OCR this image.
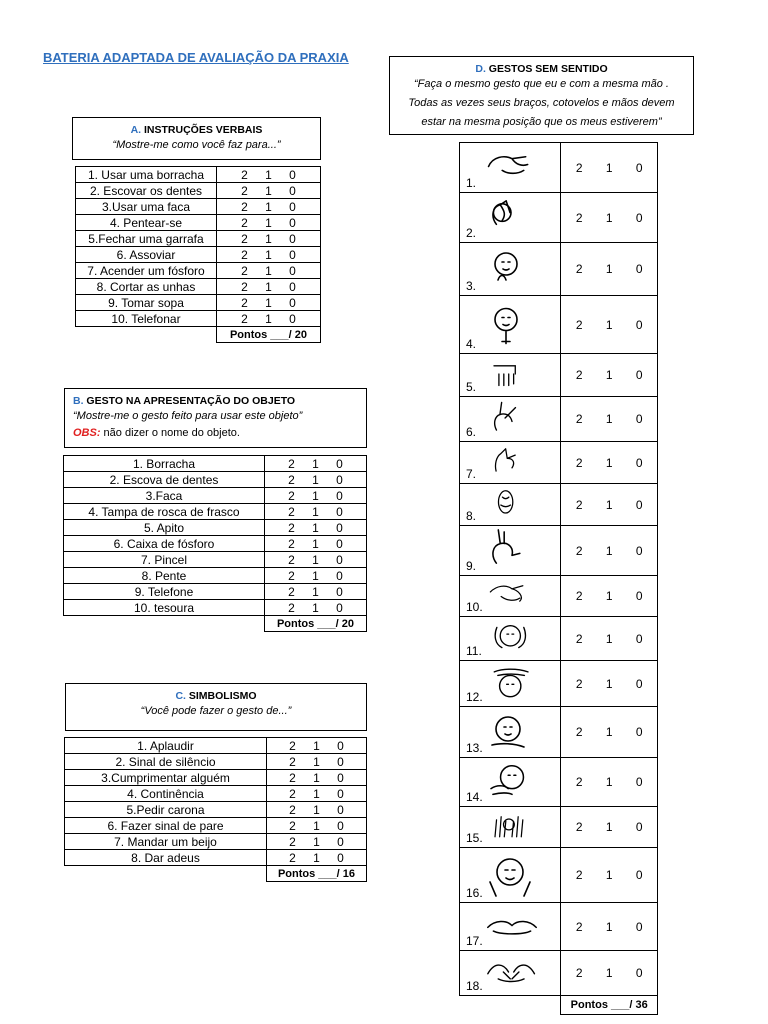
BATERIA ADAPTADA DE AVALIAÇÃO DA PRAXIA
A. INSTRUÇÕES VERBAIS
“Mostre-me como você faz para...”
1. Usar uma borracha	2 1 0
2. Escovar os dentes	2 1 0
3.Usar uma faca	2 1 0
4. Pentear-se	2 1 0
5.Fechar uma garrafa	2 1 0
6. Assoviar	2 1 0
7. Acender um fósforo	2 1 0
8. Cortar as unhas	2 1 0
9. Tomar sopa	2 1 0
10. Telefonar	2 1 0
	Pontos ___/ 20
B. GESTO NA APRESENTAÇÃO DO OBJETO
“Mostre-me o gesto feito para usar este objeto”
OBS: não dizer o nome do objeto.
1. Borracha	2 1 0
2. Escova de dentes	2 1 0
3.Faca	2 1 0
4. Tampa de rosca de frasco	2 1 0
5. Apito	2 1 0
6. Caixa de fósforo	2 1 0
7. Pincel	2 1 0
8. Pente	2 1 0
9. Telefone	2 1 0
10. tesoura	2 1 0
	Pontos ___/ 20
C. SIMBOLISMO
“Você pode fazer o gesto de...”
1. Aplaudir	2 1 0
2. Sinal de silêncio	2 1 0
3.Cumprimentar alguém	2 1 0
4. Continência	2 1 0
5.Pedir carona	2 1 0
6. Fazer sinal de pare	2 1 0
7. Mandar um beijo	2 1 0
8. Dar adeus	2 1 0
	Pontos ___/ 16
D. GESTOS SEM SENTIDO
“Faça o mesmo gesto que eu e com a mesma mão .
Todas as vezes seus braços, cotovelos e mãos devem
estar na mesma posição que os meus estiverem”
1.	2 1 0

2.	2 1 0

3.	2 1 0

4.	2 1 0

5.	2 1 0

6.	2 1 0

7.	2 1 0

8.	2 1 0

9.	2 1 0

10.	2 1 0

11.	2 1 0

12.	2 1 0

13.	2 1 0

14.	2 1 0

15.	2 1 0

16.	2 1 0

17.	2 1 0

18.	2 1 0
	Pontos ___/ 36
